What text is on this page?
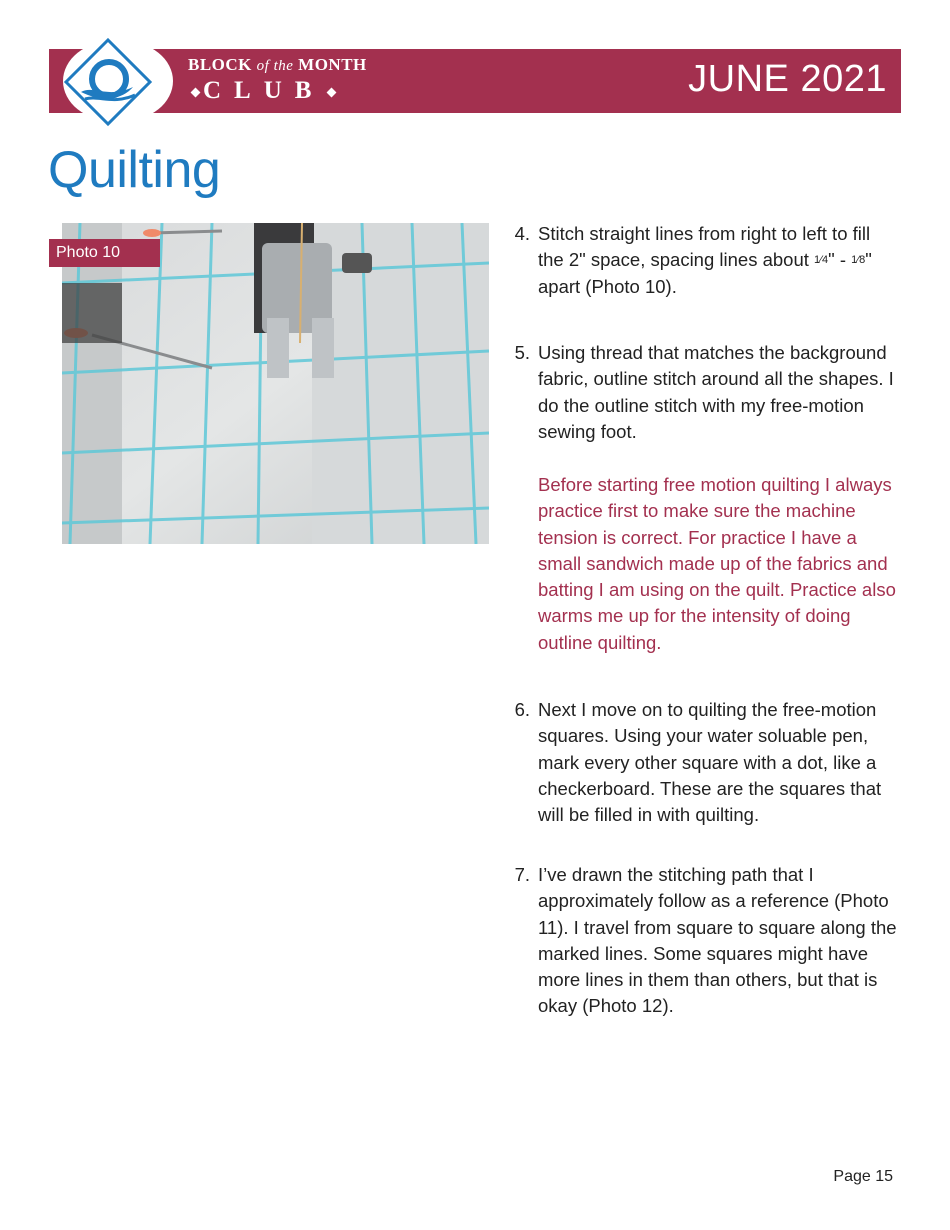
BLOCK of the MONTH
CLUB	JUNE 2021
Quilting
Photo 10
4. Stitch straight lines from right to left to fill the 2" space, spacing lines about $^{1⁄4}$" - $^{1⁄8}$" apart (Photo 10).
5. Using thread that matches the background fabric, outline stitch around all the shapes. I do the outline stitch with my free-motion sewing foot.
Before starting free motion quilting I always practice first to make sure the machine tension is correct. For practice I have a small sandwich made up of the fabrics and batting I am using on the quilt. Practice also warms me up for the intensity of doing outline quilting.
6. Next I move on to quilting the free-motion squares. Using your water soluable pen, mark every other square with a dot, like a checkerboard. These are the squares that will be filled in with quilting.
7. I’ve drawn the stitching path that I approximately follow as a reference (Photo 11). I travel from square to square along the marked lines. Some squares might have more lines in them than others, but that is okay (Photo 12).
Page 15
